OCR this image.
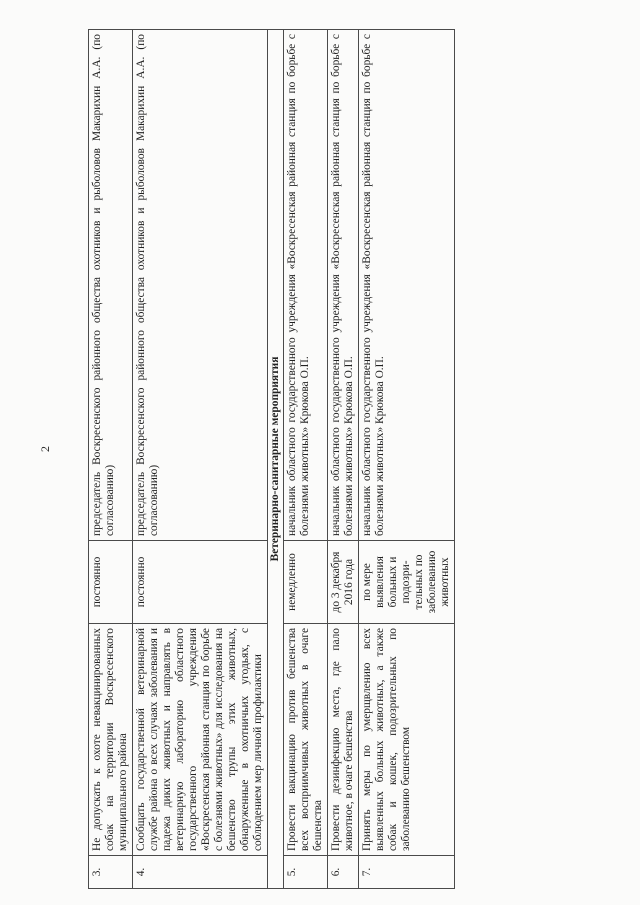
2
3.	Не допускать к охоте невакцинированных собак на территории Воскресенского муниципального района	постоянно	председатель Воскресенского районного общества охотников и рыболовов Макарихин А.А. (по согласованию)
4.	Сообщать государственной ветеринарной службе района о всех случаях заболевания и падежа диких животных и направлять в ветеринарную лабораторию областного государственного учреждения «Воскресенская районная станция по борьбе с болезнями животных» для исследования на бешенство трупы этих животных, обнаруженные в охотничьих угодьях, с соблюдением мер личной профилактики	постоянно	председатель Воскресенского районного общества охотников и рыболовов Макарихин А.А. (по согласованию)
Ветеринарно-санитарные мероприятия			
5.	Провести вакцинацию против бешенства всех восприимчивых животных в очаге бешенства	немедленно	начальник областного государственного учреждения «Воскресенская районная станция по борьбе с болезнями животных» Крюкова О.П.
6.	Провести дезинфекцию места, где пало животное, в очаге бешенства	до 3 декабря 2016 года	начальник областного государственного учреждения «Воскресенская районная станция по борьбе с болезнями животных» Крюкова О.П.
7.	Принять меры по умерщвлению всех выявленных больных животных, а также собак и кошек, подозрительных по заболеванию бешенством	по мере выявления больных и подозри-тельных по заболеванию животных	начальник областного государственного учреждения «Воскресенская районная станция по борьбе с болезнями животных» Крюкова О.П.
